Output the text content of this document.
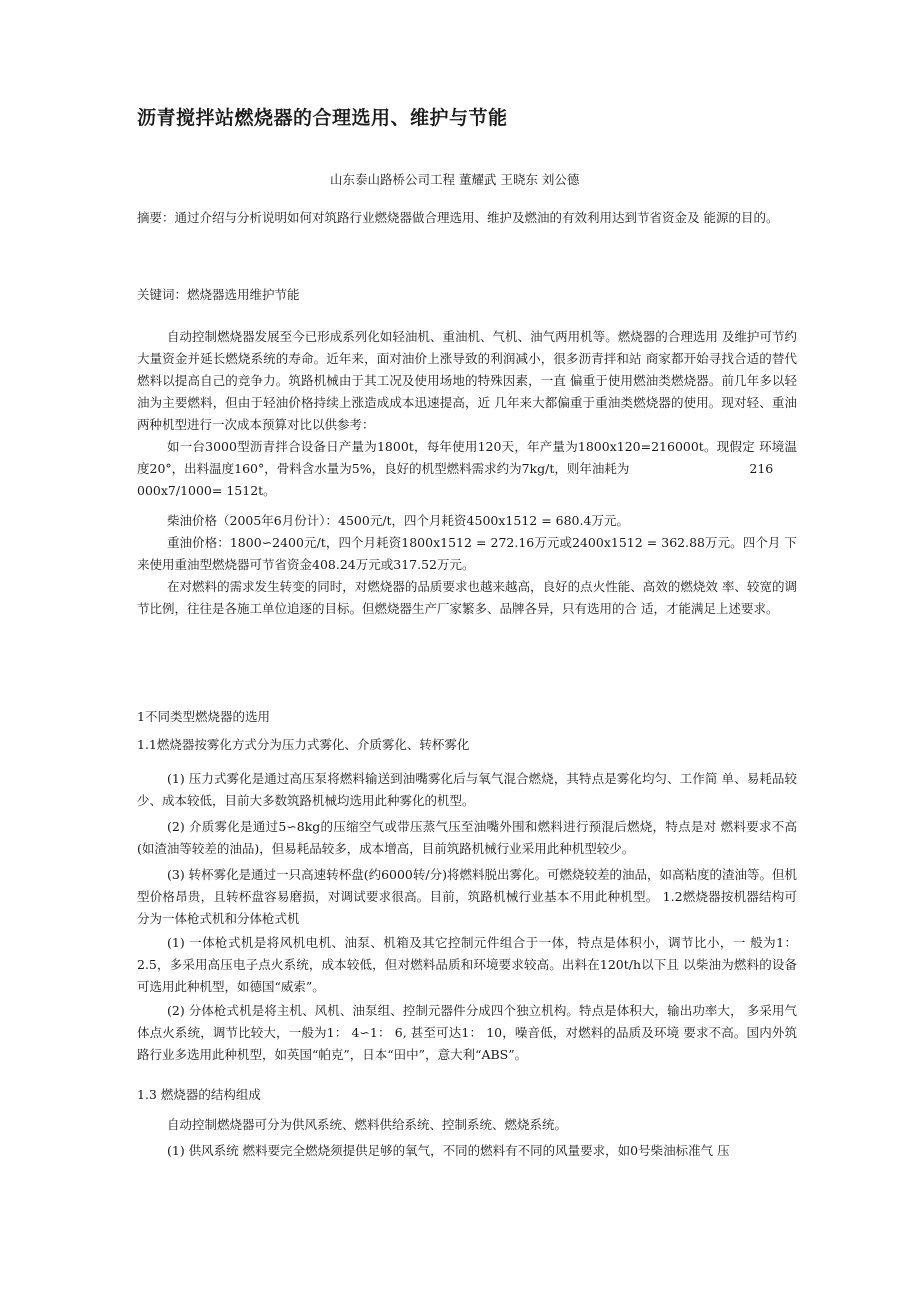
沥青搅拌站燃烧器的合理选用、维护与节能
山东泰山路桥公司工程 董耀武 王晓东 刘公德

摘要：通过介绍与分析说明如何对筑路行业燃烧器做合理选用、维护及燃油的有效利用达到节省资金及 能源的目的。

关键词：燃烧器选用维护节能

自动控制燃烧器发展至今已形成系列化如轻油机、重油机、气机、油气两用机等。燃烧器的合理选用 及维护可节约大量资金并延长燃烧系统的寿命。近年来，面对油价上涨导致的利润减小，很多沥青拌和站 商家都开始寻找合适的替代燃料以提高自己的竞争力。筑路机械由于其工况及使用场地的特殊因素，一直 偏重于使用燃油类燃烧器。前几年多以轻油为主要燃料，但由于轻油价格持续上涨造成成本迅速提高，近 几年来大都偏重于重油类燃烧器的使用。现对轻、重油两种机型进行一次成本预算对比以供参考：

如一台3000型沥青拌合设备日产量为1800t，每年使用120天，年产量为1800x120=216000t。现假定 环境温度20°，出料温度160°，骨料含水量为5%，良好的机型燃料需求约为7kg/t，则年油耗为	216

000x7/1000= 1512t。

柴油价格（2005年6月份计）：4500元/t，四个月耗资4500x1512 = 680.4万元。

重油价格：1800∽2400元/t，四个月耗资1800x1512 = 272.16万元或2400x1512 = 362.88万元。四个月 下来使用重油型燃烧器可节省资金408.24万元或317.52万元。

在对燃料的需求发生转变的同时，对燃烧器的品质要求也越来越高，良好的点火性能、高效的燃烧效 率、较宽的调节比例，往往是各施工单位追逐的目标。但燃烧器生产厂家繁多、品牌各异，只有选用的合 适，才能满足上述要求。

1不同类型燃烧器的选用
1.1燃烧器按雾化方式分为压力式雾化、介质雾化、转杯雾化

(1) 压力式雾化是通过高压泵将燃料输送到油嘴雾化后与氧气混合燃烧，其特点是雾化均匀、工作简 单、易耗品较少、成本较低，目前大多数筑路机械均选用此种雾化的机型。

(2) 介质雾化是通过5∽8kg的压缩空气或带压蒸气压至油嘴外围和燃料进行预混后燃烧，特点是对 燃料要求不高(如渣油等较差的油品)，但易耗品较多，成本增高，目前筑路机械行业采用此种机型较少。

(3) 转杯雾化是通过一只高速转杯盘(约6000转/分)将燃料脱出雾化。可燃烧较差的油品，如高粘度的渣油等。但机型价格昂贵，且转杯盘容易磨损，对调试要求很高。目前，筑路机械行业基本不用此种机型。 1.2燃烧器按机器结构可分为一体枪式机和分体枪式机

(1) 一体枪式机是将风机电机、油泵、机箱及其它控制元件组合于一体，特点是体积小，调节比小，一 般为1： 2.5，多采用高压电子点火系统，成本较低，但对燃料品质和环境要求较高。出料在120t/h以下且 以柴油为燃料的设备可选用此种机型，如德国“威索”。

(2) 分体枪式机是将主机、风机、油泵组、控制元器件分成四个独立机构。特点是体积大，输出功率大， 多采用气体点火系统，调节比较大，一般为1： 4∽1： 6, 甚至可达1： 10，噪音低，对燃料的品质及环境 要求不高。国内外筑路行业多选用此种机型，如英国“帕克”，日本“田中”，意大利“ABS”。

1.3 燃烧器的结构组成

自动控制燃烧器可分为供风系统、燃料供给系统、控制系统、燃烧系统。

(1) 供风系统 燃料要完全燃烧须提供足够的氧气，不同的燃料有不同的风量要求，如0号柴油标准气 压
